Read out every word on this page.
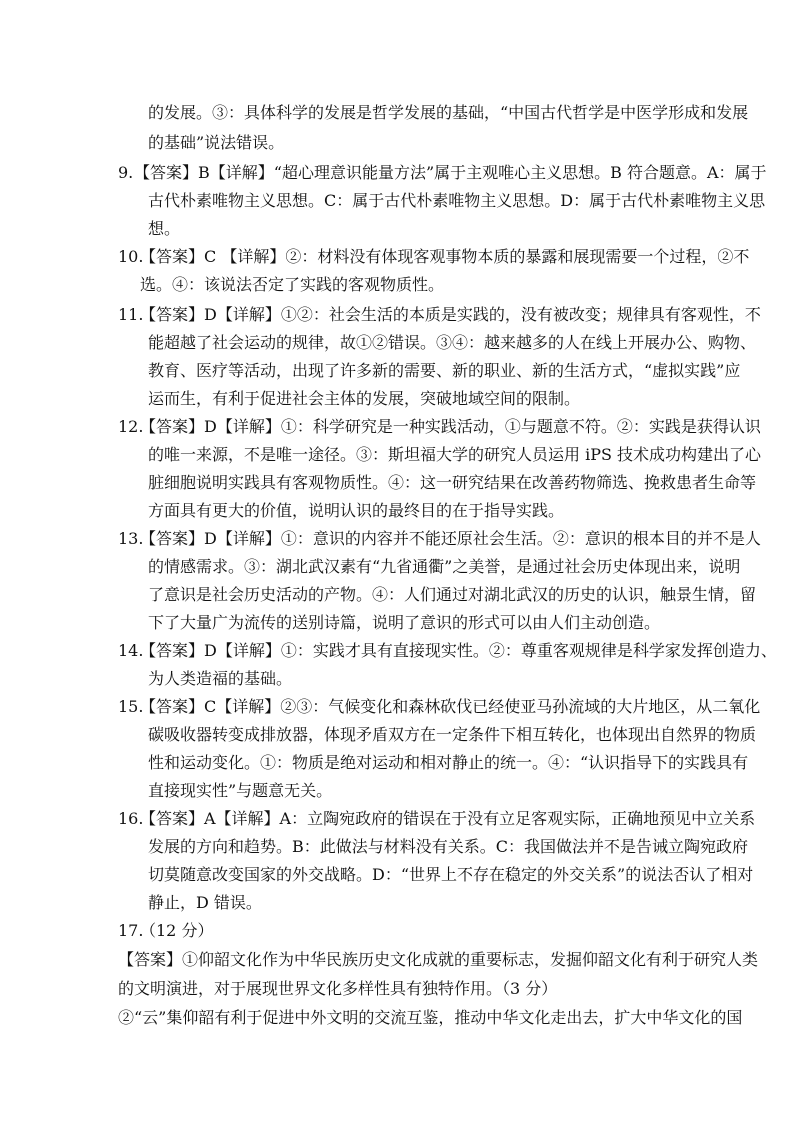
的发展。③：具体科学的发展是哲学发展的基础，“中国古代哲学是中医学形成和发展

的基础”说法错误。

9. 【答案】B【详解】“超心理意识能量方法”属于主观唯心主义思想。B 符合题意。A：属于

古代朴素唯物主义思想。C：属于古代朴素唯物主义思想。D：属于古代朴素唯物主义思

想。

10.

【答案】C 【详解】②：材料没有体现客观事物本质的暴露和展现需要一个过程，②不

选。④：该说法否定了实践的客观物质性。

11.

【答案】D【详解】①②：社会生活的本质是实践的，没有被改变；规律具有客观性，不

能超越了社会运动的规律，故①②错误。③④：越来越多的人在线上开展办公、购物、

教育、医疗等活动，出现了许多新的需要、新的职业、新的生活方式，“虚拟实践”应

运而生，有利于促进社会主体的发展，突破地域空间的限制。

12.

【答案】D【详解】①：科学研究是一种实践活动，①与题意不符。②：实践是获得认识

的唯一来源，不是唯一途径。③：斯坦福大学的研究人员运用 iPS 技术成功构建出了心

脏细胞说明实践具有客观物质性。④：这一研究结果在改善药物筛选、挽救患者生命等

方面具有更大的价值，说明认识的最终目的在于指导实践。

13.

【答案】D【详解】①：意识的内容并不能还原社会生活。②：意识的根本目的并不是人

的情感需求。③：湖北武汉素有“九省通衢”之美誉，是通过社会历史体现出来，说明

了意识是社会历史活动的产物。④：人们通过对湖北武汉的历史的认识，触景生情，留

下了大量广为流传的送别诗篇，说明了意识的形式可以由人们主动创造。

14.

【答案】D【详解】①：实践才具有直接现实性。②：尊重客观规律是科学家发挥创造力、

为人类造福的基础。

15.

【答案】C【详解】②③：气候变化和森林砍伐已经使亚马孙流域的大片地区，从二氧化

碳吸收器转变成排放器，体现矛盾双方在一定条件下相互转化，也体现出自然界的物质

性和运动变化。①：物质是绝对运动和相对静止的统一。④：“认识指导下的实践具有

直接现实性”与题意无关。

16.

【答案】A【详解】A：立陶宛政府的错误在于没有立足客观实际，正确地预见中立关系

发展的方向和趋势。B：此做法与材料没有关系。C：我国做法并不是告诫立陶宛政府

切莫随意改变国家的外交战略。D：“世界上不存在稳定的外交关系”的说法否认了相对

静止，D 错误。

17.

（12 分）

【答案】①仰韶文化作为中华民族历史文化成就的重要标志，发掘仰韶文化有利于研究人类

的文明演进，对于展现世界文化多样性具有独特作用。（3 分）

②“云”集仰韶有利于促进中外文明的交流互鉴，推动中华文化走出去，扩大中华文化的国
